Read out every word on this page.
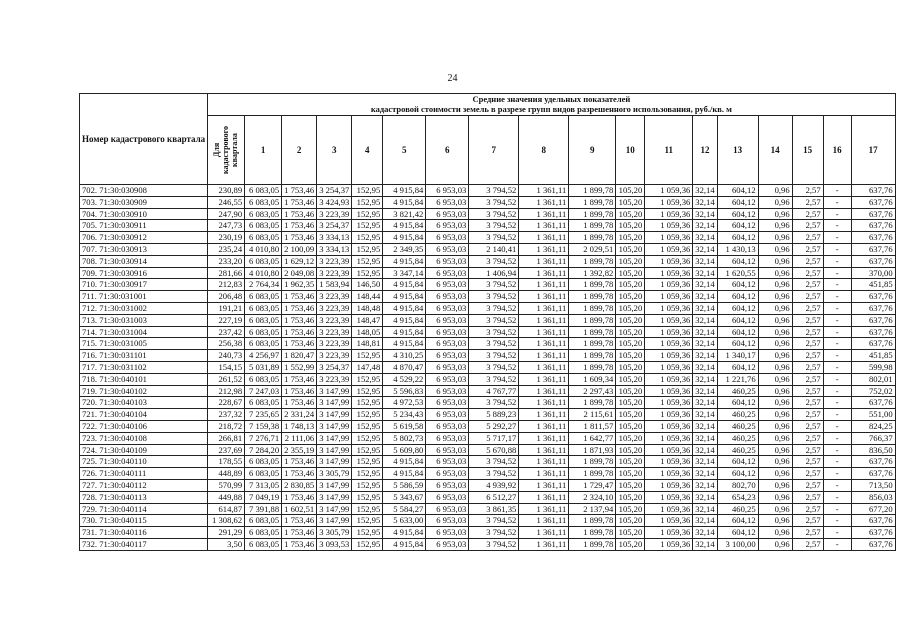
24
Номер кадастрового квартала	Средние значения удельных показателей
кадастровой стоимости земель в разрезе групп видов разрешенного использования, руб./кв. м																	

	Для кадастрового квартала	1	2	3	4	5	6	7	8	9	10	11	12	13	14	15	16	17
702. 71:30:030908	230,89	6 083,05	1 753,46	3 254,37	152,95	4 915,84	6 953,03	3 794,52	1 361,11	1 899,78	105,20	1 059,36	32,14	604,12	0,96	2,57	-	637,76
703. 71:30:030909	246,55	6 083,05	1 753,46	3 424,93	152,95	4 915,84	6 953,03	3 794,52	1 361,11	1 899,78	105,20	1 059,36	32,14	604,12	0,96	2,57	-	637,76
704. 71:30:030910	247,90	6 083,05	1 753,46	3 223,39	152,95	3 821,42	6 953,03	3 794,52	1 361,11	1 899,78	105,20	1 059,36	32,14	604,12	0,96	2,57	-	637,76
705. 71:30:030911	247,73	6 083,05	1 753,46	3 254,37	152,95	4 915,84	6 953,03	3 794,52	1 361,11	1 899,78	105,20	1 059,36	32,14	604,12	0,96	2,57	-	637,76
706. 71:30:030912	230,19	6 083,05	1 753,46	3 334,13	152,95	4 915,84	6 953,03	3 794,52	1 361,11	1 899,78	105,20	1 059,36	32,14	604,12	0,96	2,57	-	637,76
707. 71:30:030913	235,24	4 010,80	2 100,09	3 334,13	152,95	2 349,35	6 953,03	2 140,41	1 361,11	2 029,51	105,20	1 059,36	32,14	1 430,13	0,96	2,57	-	637,76
708. 71:30:030914	233,20	6 083,05	1 629,12	3 223,39	152,95	4 915,84	6 953,03	3 794,52	1 361,11	1 899,78	105,20	1 059,36	32,14	604,12	0,96	2,57	-	637,76
709. 71:30:030916	281,66	4 010,80	2 049,08	3 223,39	152,95	3 347,14	6 953,03	1 406,94	1 361,11	1 392,82	105,20	1 059,36	32,14	1 620,55	0,96	2,57	-	370,00
710. 71:30:030917	212,83	2 764,34	1 962,35	1 583,94	146,50	4 915,84	6 953,03	3 794,52	1 361,11	1 899,78	105,20	1 059,36	32,14	604,12	0,96	2,57	-	451,85
711. 71:30:031001	206,48	6 083,05	1 753,46	3 223,39	148,44	4 915,84	6 953,03	3 794,52	1 361,11	1 899,78	105,20	1 059,36	32,14	604,12	0,96	2,57	-	637,76
712. 71:30:031002	191,21	6 083,05	1 753,46	3 223,39	148,48	4 915,84	6 953,03	3 794,52	1 361,11	1 899,78	105,20	1 059,36	32,14	604,12	0,96	2,57	-	637,76
713. 71:30:031003	227,19	6 083,05	1 753,46	3 223,39	148,47	4 915,84	6 953,03	3 794,52	1 361,11	1 899,78	105,20	1 059,36	32,14	604,12	0,96	2,57	-	637,76
714. 71:30:031004	237,42	6 083,05	1 753,46	3 223,39	148,05	4 915,84	6 953,03	3 794,52	1 361,11	1 899,78	105,20	1 059,36	32,14	604,12	0,96	2,57	-	637,76
715. 71:30:031005	256,38	6 083,05	1 753,46	3 223,39	148,81	4 915,84	6 953,03	3 794,52	1 361,11	1 899,78	105,20	1 059,36	32,14	604,12	0,96	2,57	-	637,76
716. 71:30:031101	240,73	4 256,97	1 820,47	3 223,39	152,95	4 310,25	6 953,03	3 794,52	1 361,11	1 899,78	105,20	1 059,36	32,14	1 340,17	0,96	2,57	-	451,85
717. 71:30:031102	154,15	5 031,89	1 552,99	3 254,37	147,48	4 870,47	6 953,03	3 794,52	1 361,11	1 899,78	105,20	1 059,36	32,14	604,12	0,96	2,57	-	599,98
718. 71:30:040101	261,52	6 083,05	1 753,46	3 223,39	152,95	4 529,22	6 953,03	3 794,52	1 361,11	1 609,34	105,20	1 059,36	32,14	1 221,76	0,96	2,57	-	802,01
719. 71:30:040102	212,98	7 247,03	1 753,46	3 147,99	152,95	5 596,83	6 953,03	4 767,77	1 361,11	2 297,43	105,20	1 059,36	32,14	460,25	0,96	2,57	-	752,02
720. 71:30:040103	228,67	6 083,05	1 753,46	3 147,99	152,95	4 972,53	6 953,03	3 794,52	1 361,11	1 899,78	105,20	1 059,36	32,14	604,12	0,96	2,57	-	637,76
721. 71:30:040104	237,32	7 235,65	2 331,24	3 147,99	152,95	5 234,43	6 953,03	5 889,23	1 361,11	2 115,61	105,20	1 059,36	32,14	460,25	0,96	2,57	-	551,00
722. 71:30:040106	218,72	7 159,38	1 748,13	3 147,99	152,95	5 619,58	6 953,03	5 292,27	1 361,11	1 811,57	105,20	1 059,36	32,14	460,25	0,96	2,57	-	824,25
723. 71:30:040108	266,81	7 276,71	2 111,06	3 147,99	152,95	5 802,73	6 953,03	5 717,17	1 361,11	1 642,77	105,20	1 059,36	32,14	460,25	0,96	2,57	-	766,37
724. 71:30:040109	237,69	7 284,20	2 355,19	3 147,99	152,95	5 609,80	6 953,03	5 670,88	1 361,11	1 871,93	105,20	1 059,36	32,14	460,25	0,96	2,57	-	836,50
725. 71:30:040110	178,55	6 083,05	1 753,46	3 147,99	152,95	4 915,84	6 953,03	3 794,52	1 361,11	1 899,78	105,20	1 059,36	32,14	604,12	0,96	2,57	-	637,76
726. 71:30:040111	448,89	6 083,05	1 753,46	3 305,79	152,95	4 915,84	6 953,03	3 794,52	1 361,11	1 899,78	105,20	1 059,36	32,14	604,12	0,96	2,57	-	637,76
727. 71:30:040112	570,99	7 313,05	2 830,85	3 147,99	152,95	5 586,59	6 953,03	4 939,92	1 361,11	1 729,47	105,20	1 059,36	32,14	802,70	0,96	2,57	-	713,50
728. 71:30:040113	449,88	7 049,19	1 753,46	3 147,99	152,95	5 343,67	6 953,03	6 512,27	1 361,11	2 324,10	105,20	1 059,36	32,14	654,23	0,96	2,57	-	856,03
729. 71:30:040114	614,87	7 391,88	1 602,51	3 147,99	152,95	5 584,27	6 953,03	3 861,35	1 361,11	2 137,94	105,20	1 059,36	32,14	460,25	0,96	2,57	-	677,20
730. 71:30:040115	1 308,62	6 083,05	1 753,46	3 147,99	152,95	5 633,00	6 953,03	3 794,52	1 361,11	1 899,78	105,20	1 059,36	32,14	604,12	0,96	2,57	-	637,76
731. 71:30:040116	291,29	6 083,05	1 753,46	3 305,79	152,95	4 915,84	6 953,03	3 794,52	1 361,11	1 899,78	105,20	1 059,36	32,14	604,12	0,96	2,57	-	637,76
732. 71:30:040117	3,50	6 083,05	1 753,46	3 093,53	152,95	4 915,84	6 953,03	3 794,52	1 361,11	1 899,78	105,20	1 059,36	32,14	3 100,00	0,96	2,57	-	637,76
